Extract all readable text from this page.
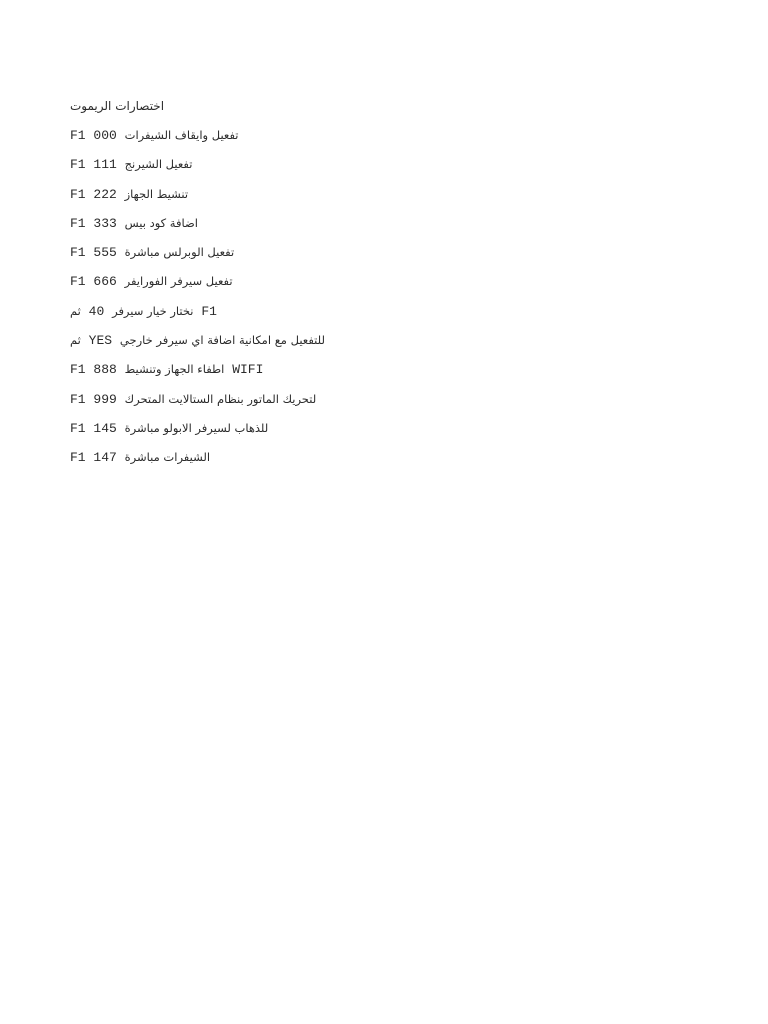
اختصارات الريموت
F1 000 تفعيل وايقاف الشيفرات
F1 111 تفعيل الشيرنج
F1 222 تنشيط الجهاز
F1 333 اضافة كود بيس
F1 555 تفعيل الوبرلس مباشرة
F1 666 تفعيل سيرفر الفورايفر
ثم 40 نختار خيار سيرفر F1
ثم YES للتفعيل مع امكانية اضافة اي سيرفر خارجي
F1 888 اطفاء الجهاز وتنشيط WIFI
F1 999 لتحريك الماتور بنظام الستالايت المتحرك
F1 145 للذهاب لسيرفر الابولو مباشرة
F1 147 الشيفرات مباشرة
